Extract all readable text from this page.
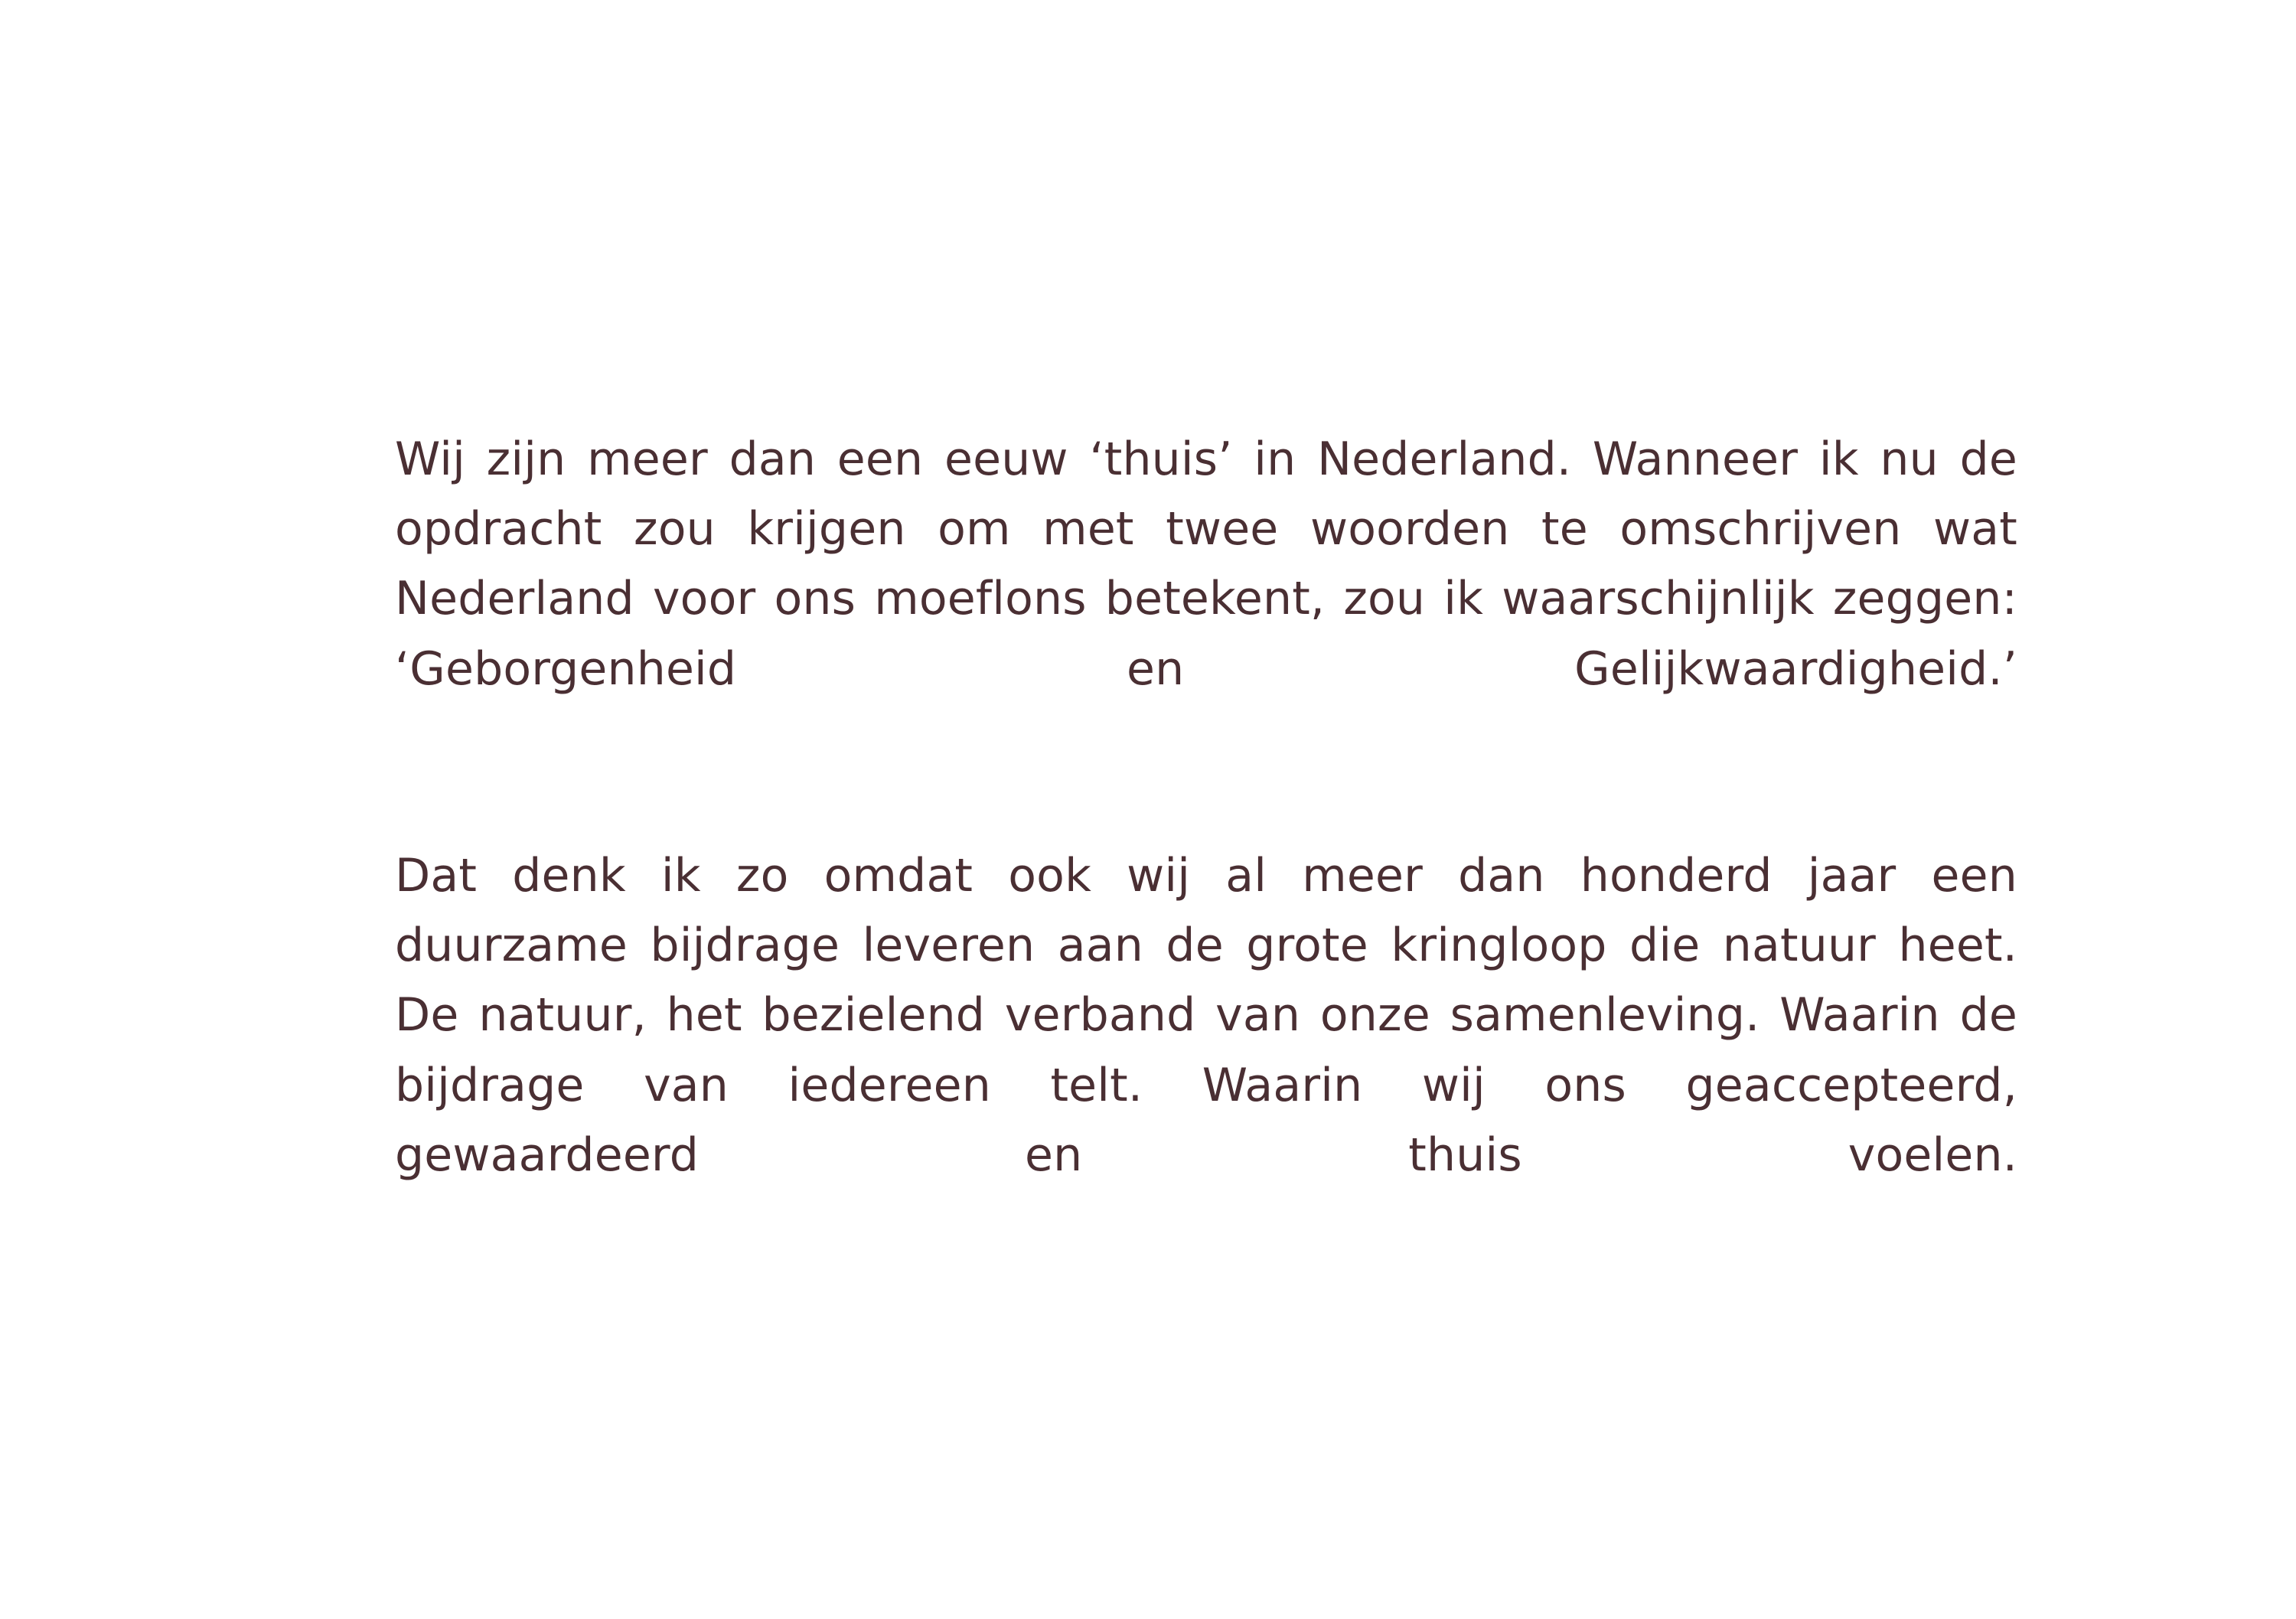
Wij zijn meer dan een eeuw ‘thuis’ in Nederland. Wanneer ik nu de opdracht zou krijgen om met twee woorden te omschrijven wat Nederland voor ons moeflons betekent, zou ik waarschijnlijk zeggen: ‘Geborgenheid en Gelijkwaardigheid.’

Dat denk ik zo omdat ook wij al meer dan honderd jaar een duurzame bijdrage leveren aan de grote kringloop die natuur heet. De natuur, het bezielend verband van onze samenleving. Waarin de bijdrage van iedereen telt. Waarin wij ons geaccepteerd, gewaardeerd en thuis voelen.
